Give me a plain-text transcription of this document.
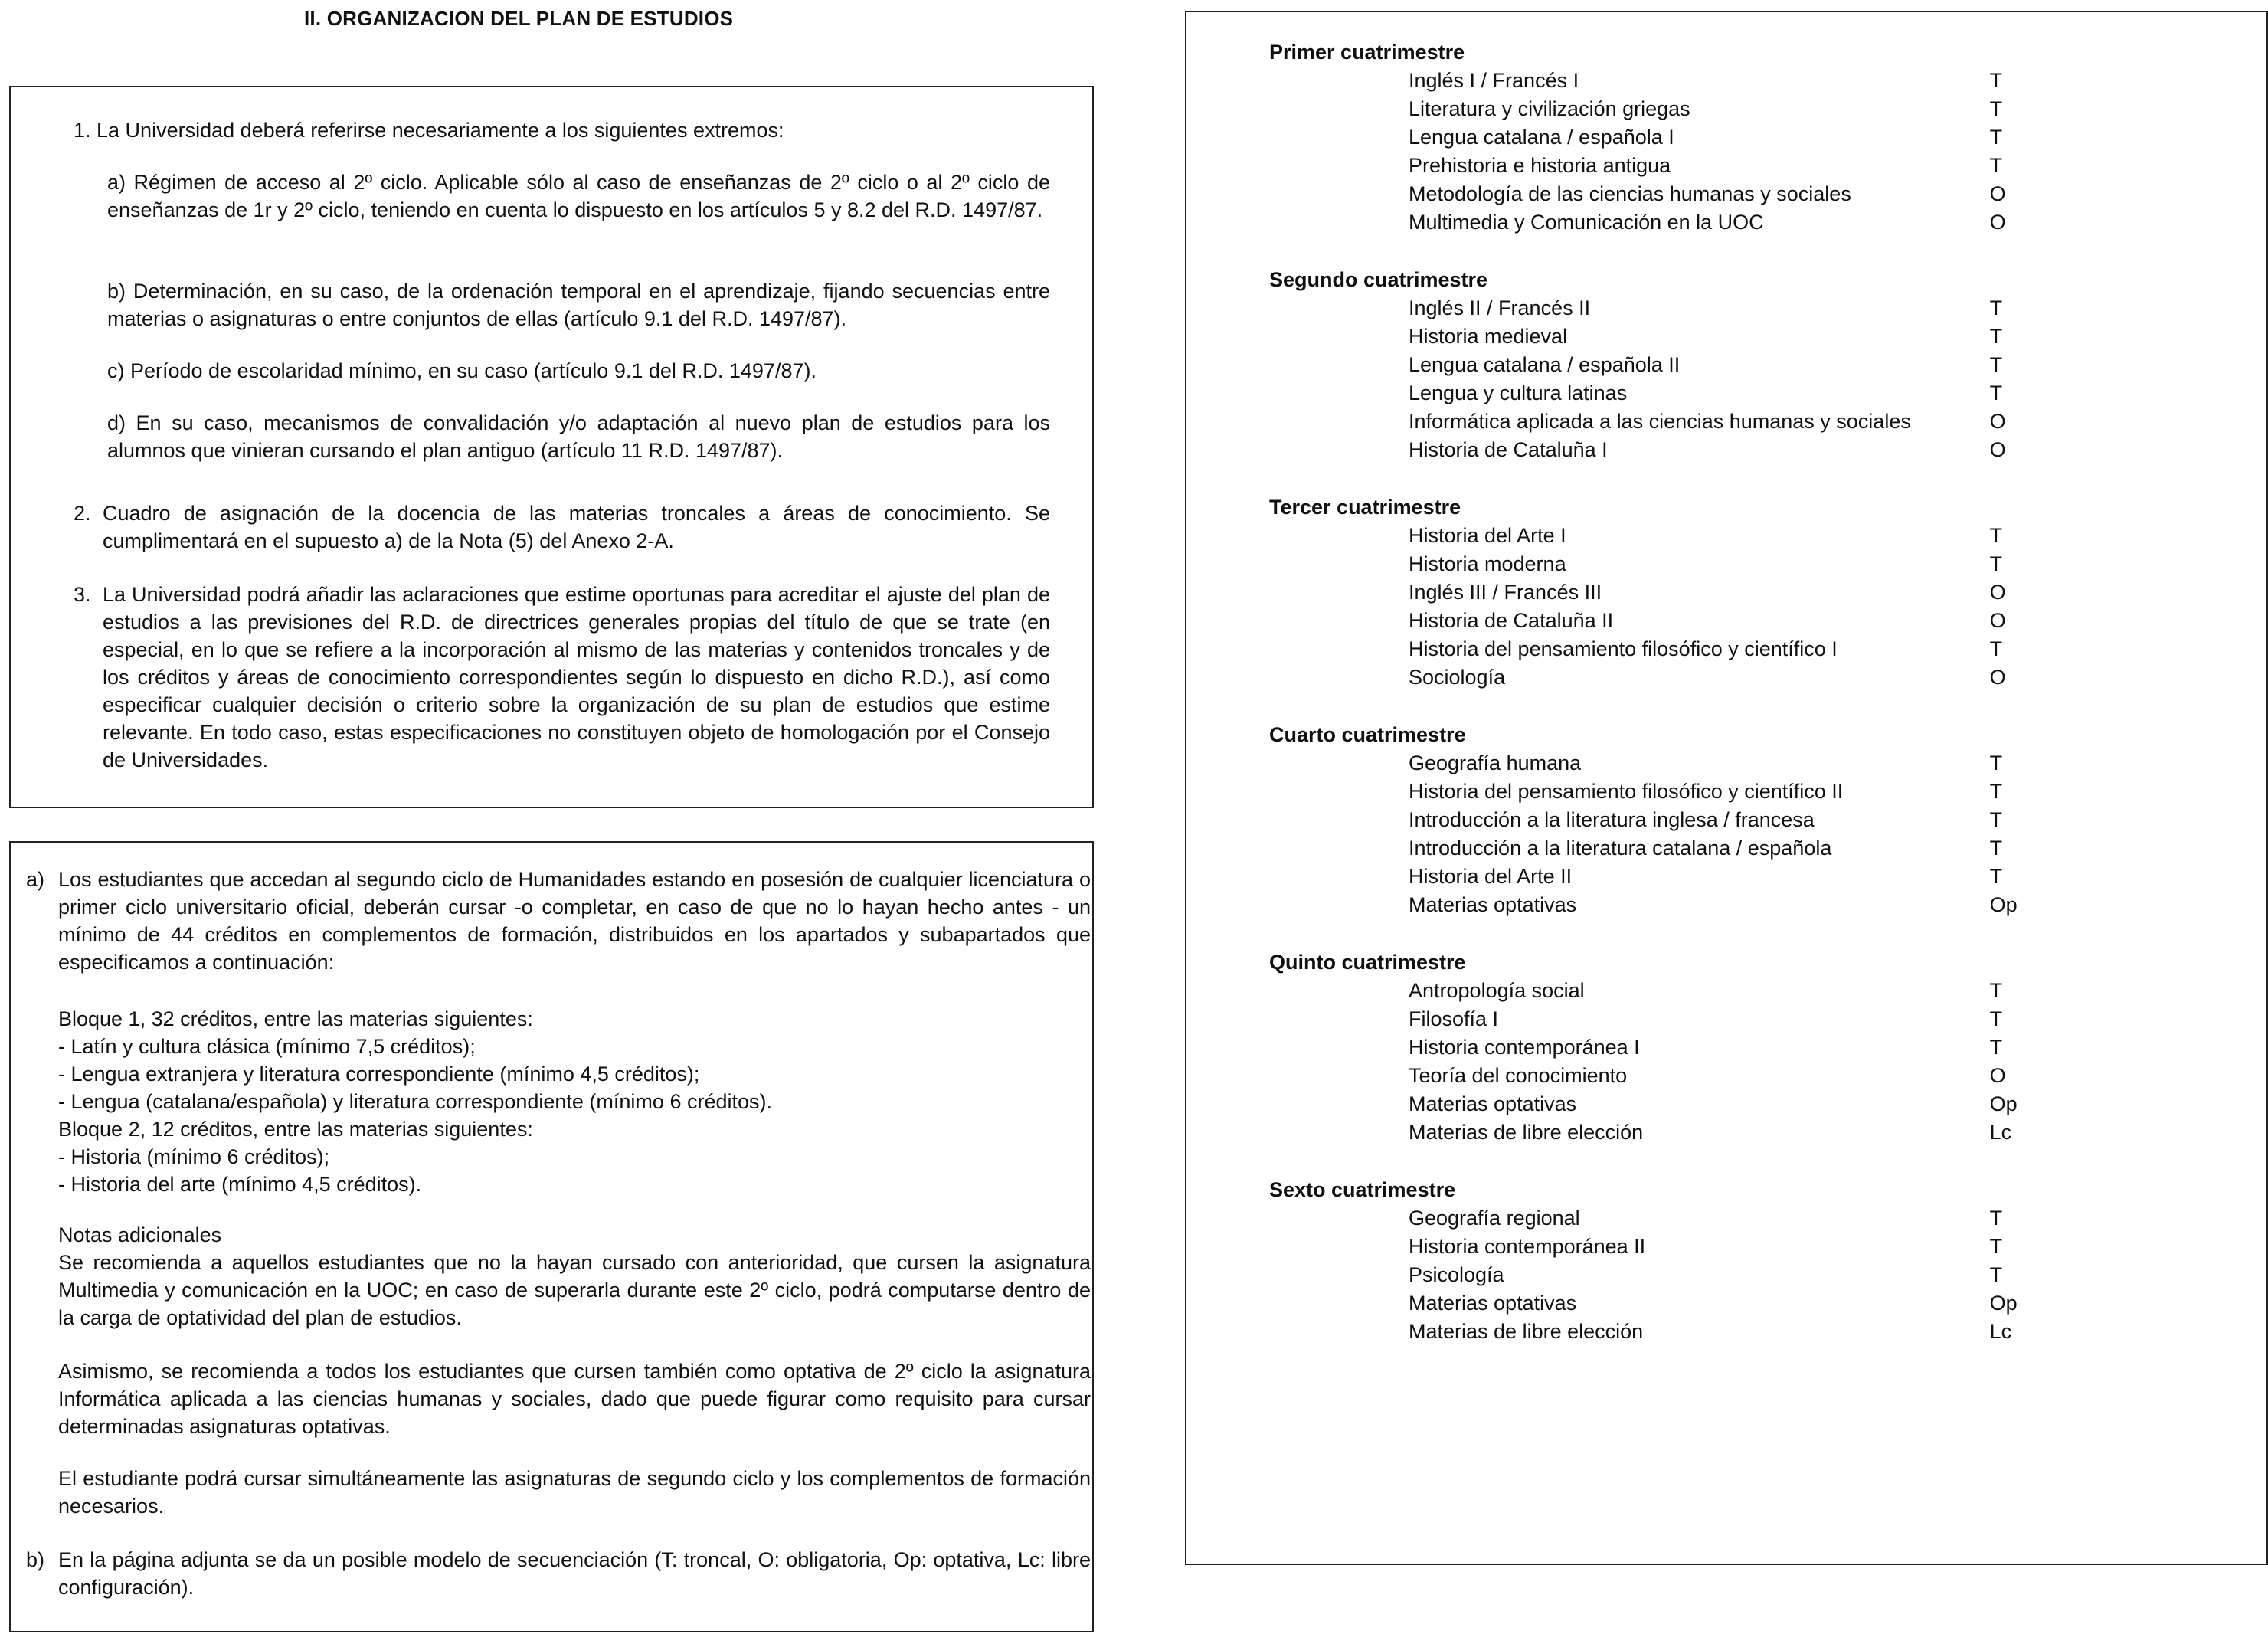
II. ORGANIZACION DEL PLAN DE ESTUDIOS

1. La Universidad deberá referirse necesariamente a los siguientes extremos:

a) Régimen de acceso al 2º ciclo. Aplicable sólo al caso de enseñanzas de 2º ciclo o al 2º ciclo de enseñanzas de 1r y 2º ciclo, teniendo en cuenta lo dispuesto en los artículos 5 y 8.2 del R.D. 1497/87.

b) Determinación, en su caso, de la ordenación temporal en el aprendizaje, fijando secuencias entre materias o asignaturas o entre conjuntos de ellas (artículo 9.1 del R.D. 1497/87).

c) Período de escolaridad mínimo, en su caso (artículo 9.1 del R.D. 1497/87).

d) En su caso, mecanismos de convalidación y/o adaptación al nuevo plan de estudios para los alumnos que vinieran cursando el plan antiguo (artículo 11 R.D. 1497/87).

2. Cuadro de asignación de la docencia de las materias troncales a áreas de conocimiento. Se cumplimentará en el supuesto a) de la Nota (5) del Anexo 2-A.

3. La Universidad podrá añadir las aclaraciones que estime oportunas para acreditar el ajuste del plan de estudios a las previsiones del R.D. de directrices generales propias del título de que se trate (en especial, en lo que se refiere a la incorporación al mismo de las materias y contenidos troncales y de los créditos y áreas de conocimiento correspondientes según lo dispuesto en dicho R.D.), así como especificar cualquier decisión o criterio sobre la organización de su plan de estudios que estime relevante. En todo caso, estas especificaciones no constituyen objeto de homologación por el Consejo de Universidades.

a) Los estudiantes que accedan al segundo ciclo de Humanidades estando en posesión de cualquier licenciatura o primer ciclo universitario oficial, deberán cursar -o completar, en caso de que no lo hayan hecho antes - un mínimo de 44 créditos en complementos de formación, distribuidos en los apartados y subapartados que especificamos a continuación:

Bloque 1, 32 créditos, entre las materias siguientes:
- Latín y cultura clásica (mínimo 7,5 créditos);
- Lengua extranjera y literatura correspondiente (mínimo 4,5 créditos);
- Lengua (catalana/española) y literatura correspondiente (mínimo 6 créditos).
Bloque 2, 12 créditos, entre las materias siguientes:
- Historia (mínimo 6 créditos);
- Historia del arte (mínimo 4,5 créditos).
Notas adicionales

Se recomienda a aquellos estudiantes que no la hayan cursado con anterioridad, que cursen la asignatura Multimedia y comunicación en la UOC; en caso de superarla durante este 2º ciclo, podrá computarse dentro de la carga de optatividad del plan de estudios.

Asimismo, se recomienda a todos los estudiantes que cursen también como optativa de 2º ciclo la asignatura Informática aplicada a las ciencias humanas y sociales, dado que puede figurar como requisito para cursar determinadas asignaturas optativas.

El estudiante podrá cursar simultáneamente las asignaturas de segundo ciclo y los complementos de formación necesarios.

b) En la página adjunta se da un posible modelo de secuenciación (T: troncal, O: obligatoria, Op: optativa, Lc: libre configuración).

Primer cuatrimestre

Inglés I / Francés I	T
Literatura y civilización griegas	T
Lengua catalana / española I	T
Prehistoria e historia antigua	T
Metodología de las ciencias humanas y sociales	O
Multimedia y Comunicación en la UOC	O

Segundo cuatrimestre

Inglés II / Francés II	T
Historia medieval	T
Lengua catalana / española II	T
Lengua y cultura latinas	T
Informática aplicada a las ciencias humanas y sociales	O
Historia de Cataluña I	O

Tercer cuatrimestre

Historia del Arte I	T
Historia moderna	T
Inglés III / Francés III	O
Historia de Cataluña II	O
Historia del pensamiento filosófico y científico I	T
Sociología	O

Cuarto cuatrimestre

Geografía humana	T
Historia del pensamiento filosófico y científico II	T
Introducción a la literatura inglesa / francesa	T
Introducción a la literatura catalana / española	T
Historia del Arte II	T
Materias optativas	Op

Quinto cuatrimestre

Antropología social	T
Filosofía I	T
Historia contemporánea I	T
Teoría del conocimiento	O
Materias optativas	Op
Materias de libre elección	Lc

Sexto cuatrimestre

Geografía regional	T
Historia contemporánea II	T
Psicología	T
Materias optativas	Op
Materias de libre elección	Lc
